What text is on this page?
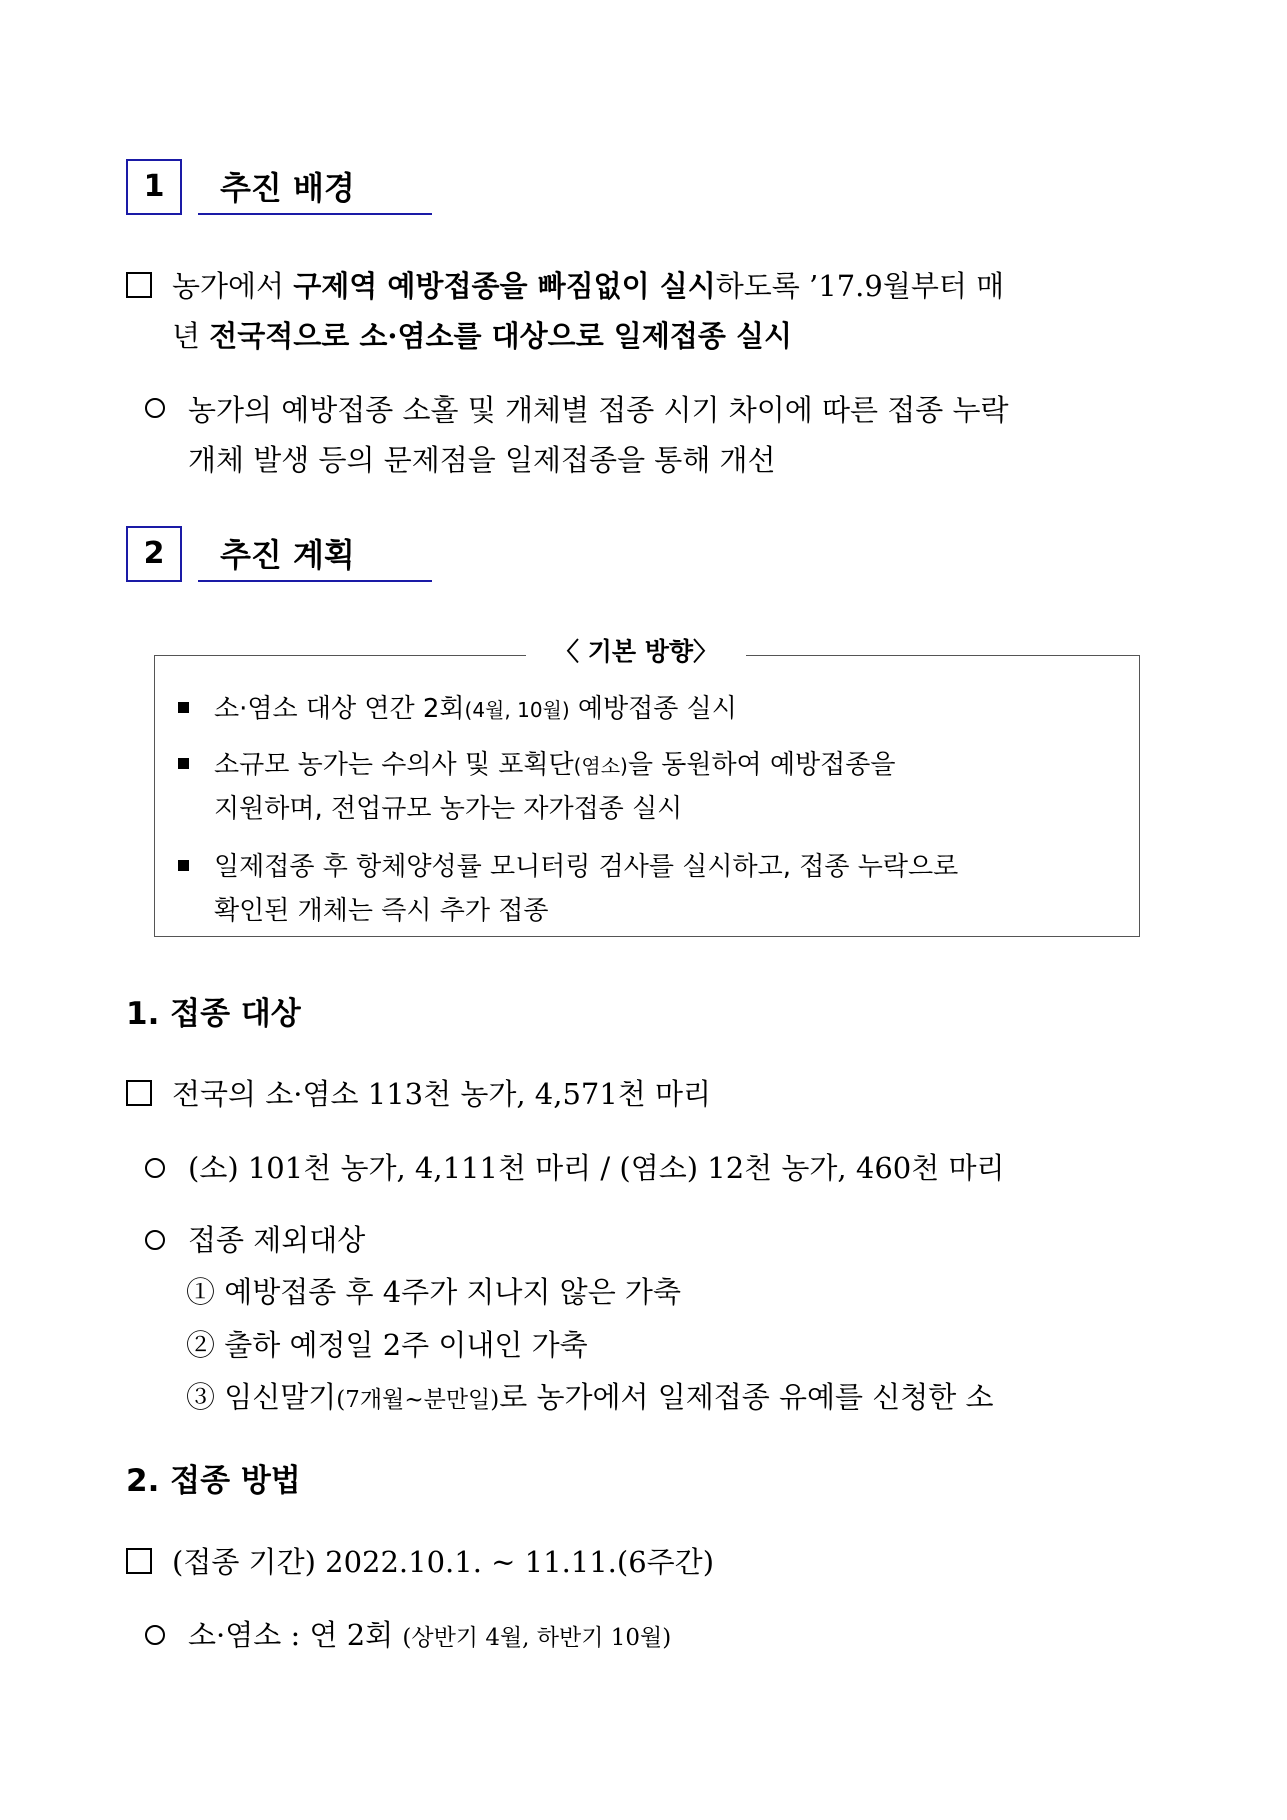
1	추진 배경
농가에서 구제역 예방접종을 빠짐없이 실시하도록 ’17.9월부터 매
년 전국적으로 소·염소를 대상으로 일제접종 실시
농가의 예방접종 소홀 및 개체별 접종 시기 차이에 따른 접종 누락
개체 발생 등의 문제점을 일제접종을 통해 개선
2	추진 계획
〈 기본 방향〉
소·염소 대상 연간 2회(4월, 10월) 예방접종 실시
소규모 농가는 수의사 및 포획단(염소)을 동원하여 예방접종을
지원하며, 전업규모 농가는 자가접종 실시
일제접종 후 항체양성률 모니터링 검사를 실시하고, 접종 누락으로
확인된 개체는 즉시 추가 접종
1. 접종 대상
전국의 소·염소 113천 농가, 4,571천 마리
(소) 101천 농가, 4,111천 마리 / (염소) 12천 농가, 460천 마리
접종 제외대상
① 예방접종 후 4주가 지나지 않은 가축
② 출하 예정일 2주 이내인 가축
③ 임신말기(7개월~분만일)로 농가에서 일제접종 유예를 신청한 소
2. 접종 방법
(접종 기간) 2022.10.1. ~ 11.11.(6주간)
소·염소 : 연 2회 (상반기 4월, 하반기 10월)
